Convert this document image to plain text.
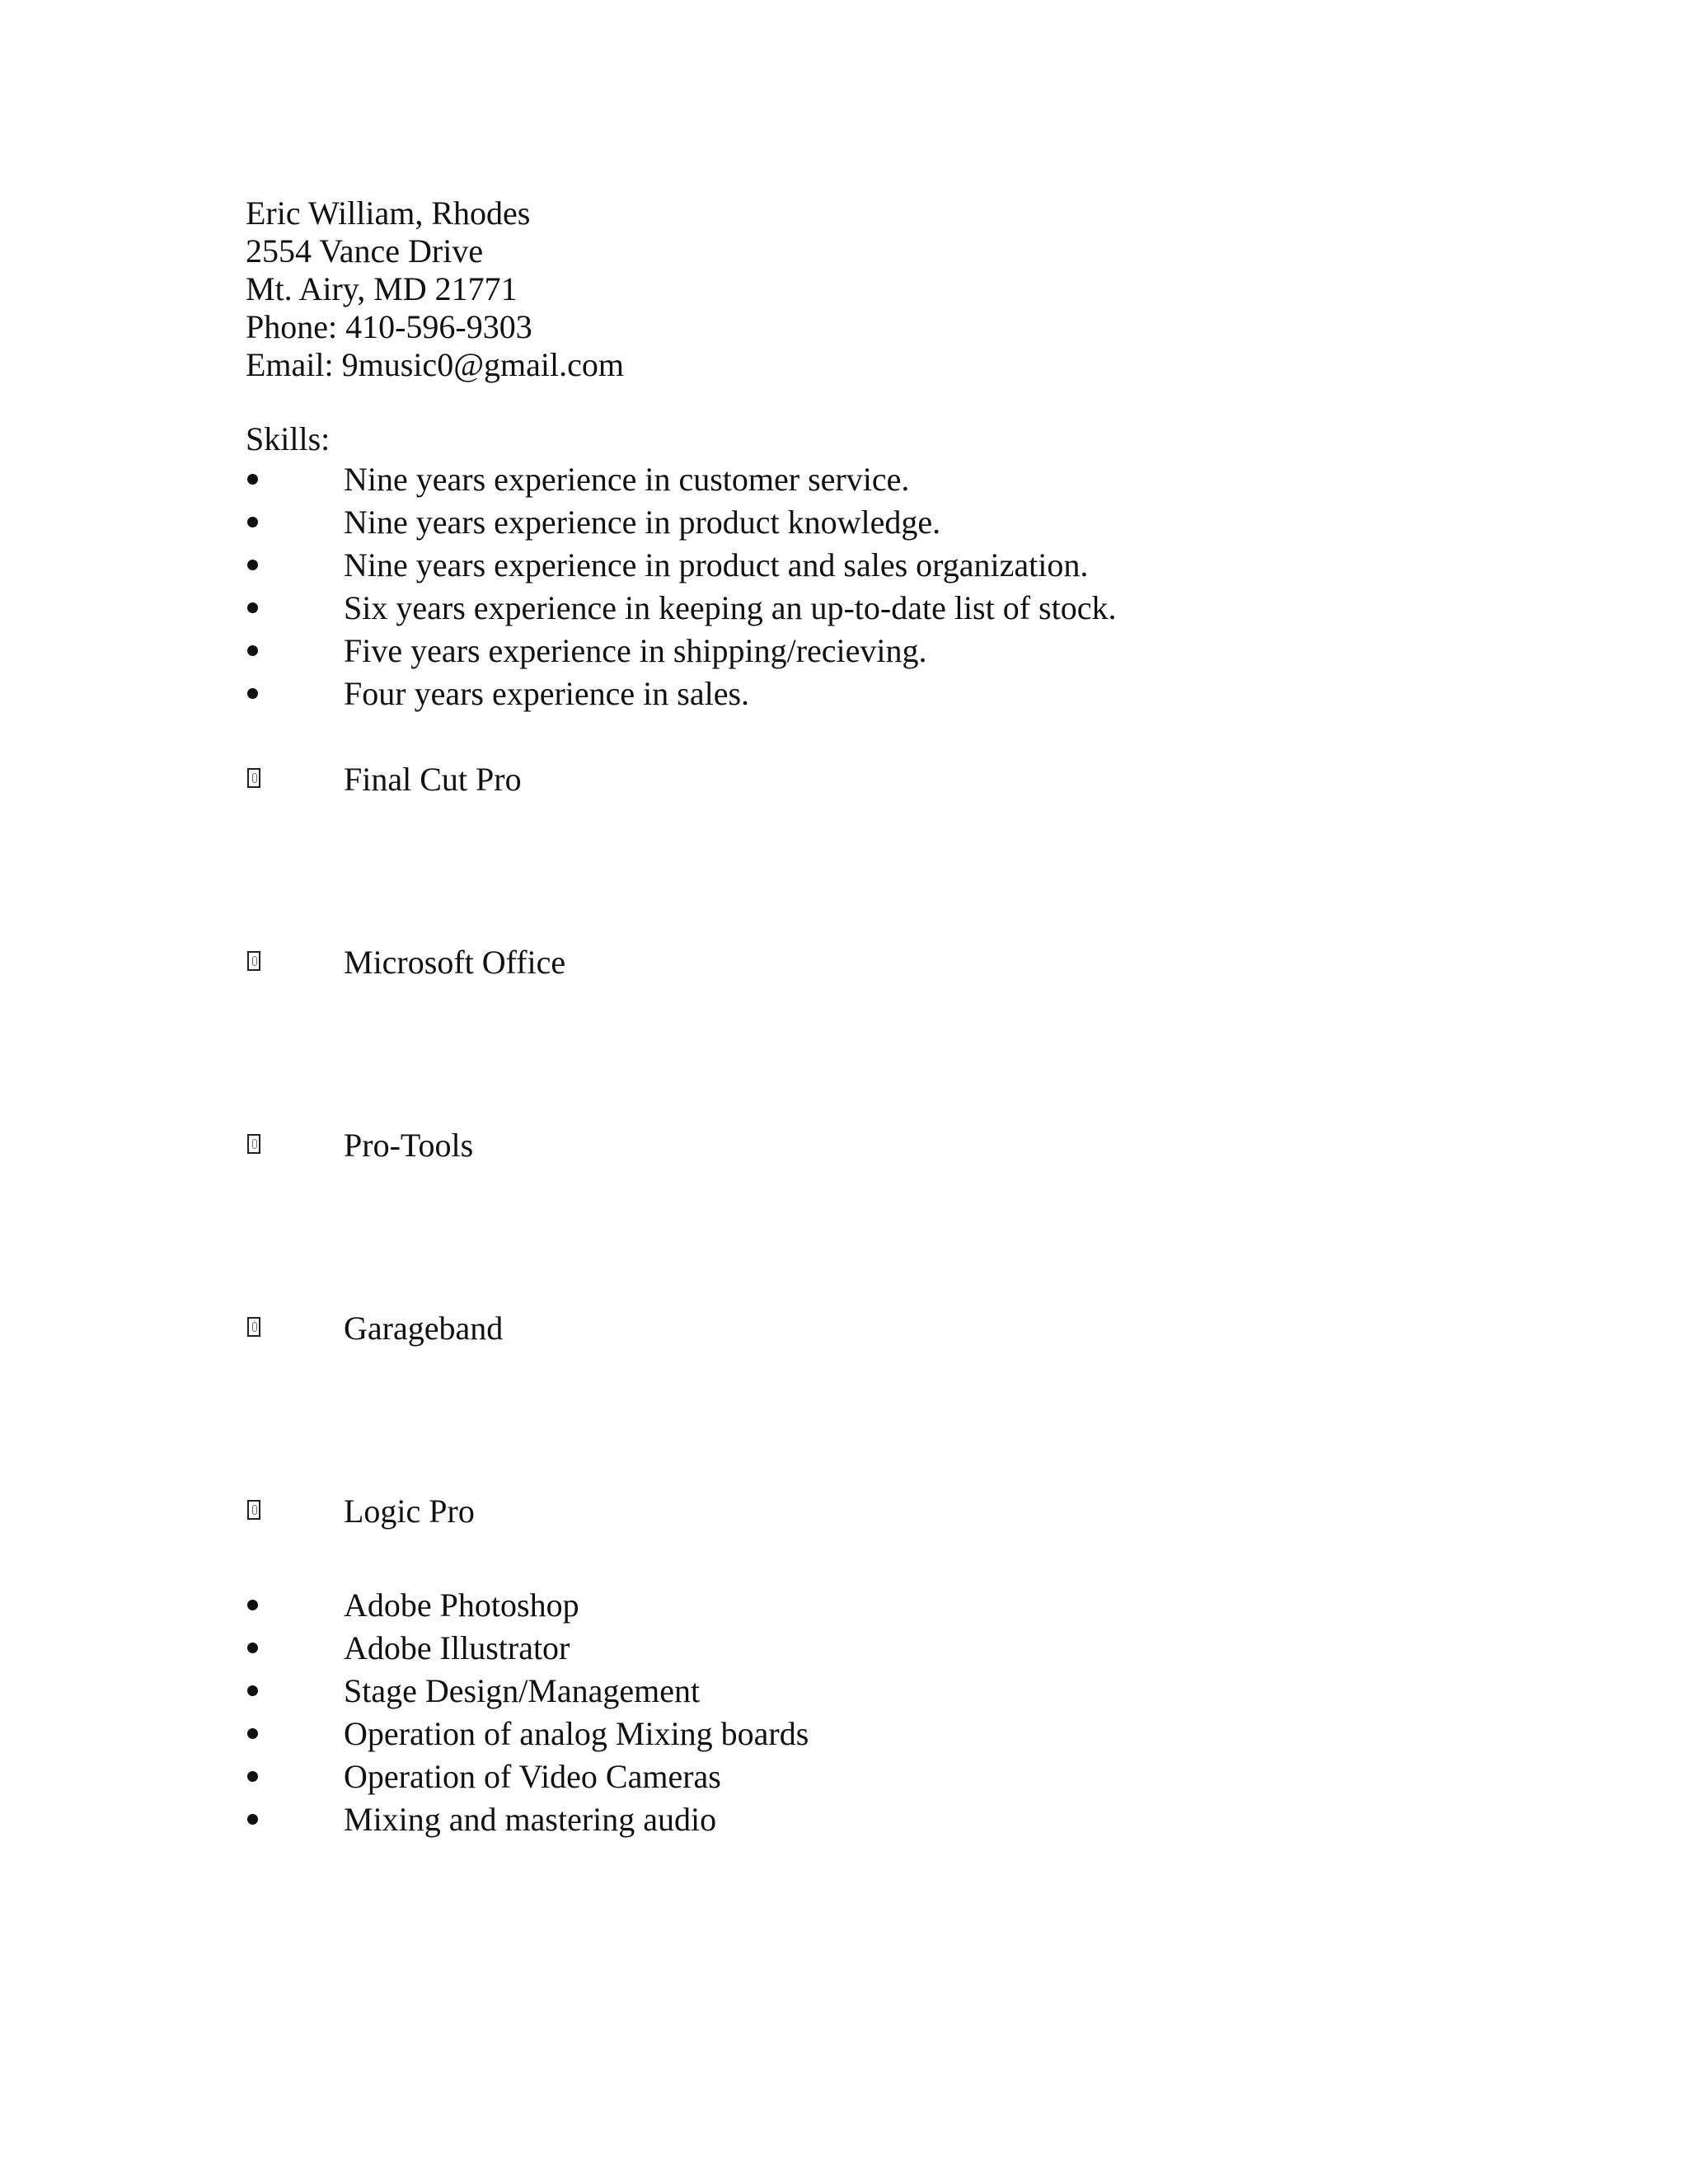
Eric William, Rhodes
2554 Vance Drive
Mt. Airy, MD 21771
Phone: 410-596-9303
Email: 9music0@gmail.com
Skills:
Nine years experience in customer service.
Nine years experience in product knowledge.
Nine years experience in product and sales organization.
Six years experience in keeping an up-to-date list of stock.
Five years experience in shipping/recieving.
Four years experience in sales.
Final Cut Pro
Microsoft Office
Pro-Tools
Garageband
Logic Pro
Adobe Photoshop
Adobe Illustrator
Stage Design/Management
Operation of analog Mixing boards
Operation of Video Cameras
Mixing and mastering audio
